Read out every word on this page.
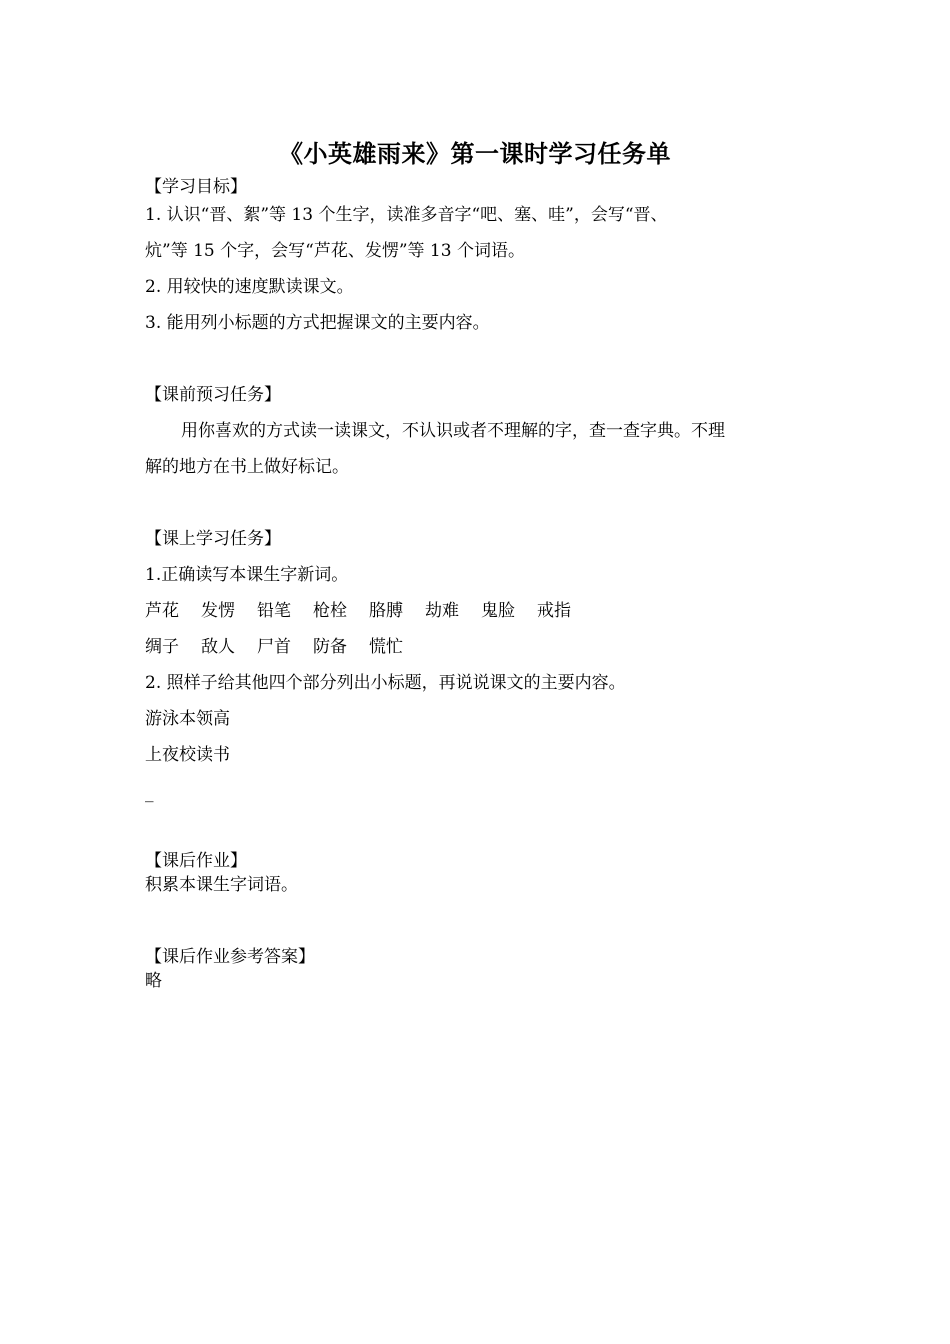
《小英雄雨来》第一课时学习任务单
【学习目标】
1. 认识“晋、絮”等 13 个生字，读准多音字“吧、塞、哇”，会写“晋、
炕”等 15 个字，会写“芦花、发愣”等 13 个词语。
2. 用较快的速度默读课文。
3. 能用列小标题的方式把握课文的主要内容。
【课前预习任务】
用你喜欢的方式读一读课文，不认识或者不理解的字，查一查字典。不理
解的地方在书上做好标记。
【课上学习任务】
1.正确读写本课生字新词。
芦花 发愣 铅笔 枪栓 胳膊 劫难 鬼脸 戒指
绸子 敌人 尸首 防备 慌忙
2. 照样子给其他四个部分列出小标题，再说说课文的主要内容。
游泳本领高
上夜校读书
_
【课后作业】
积累本课生字词语。
【课后作业参考答案】
略
